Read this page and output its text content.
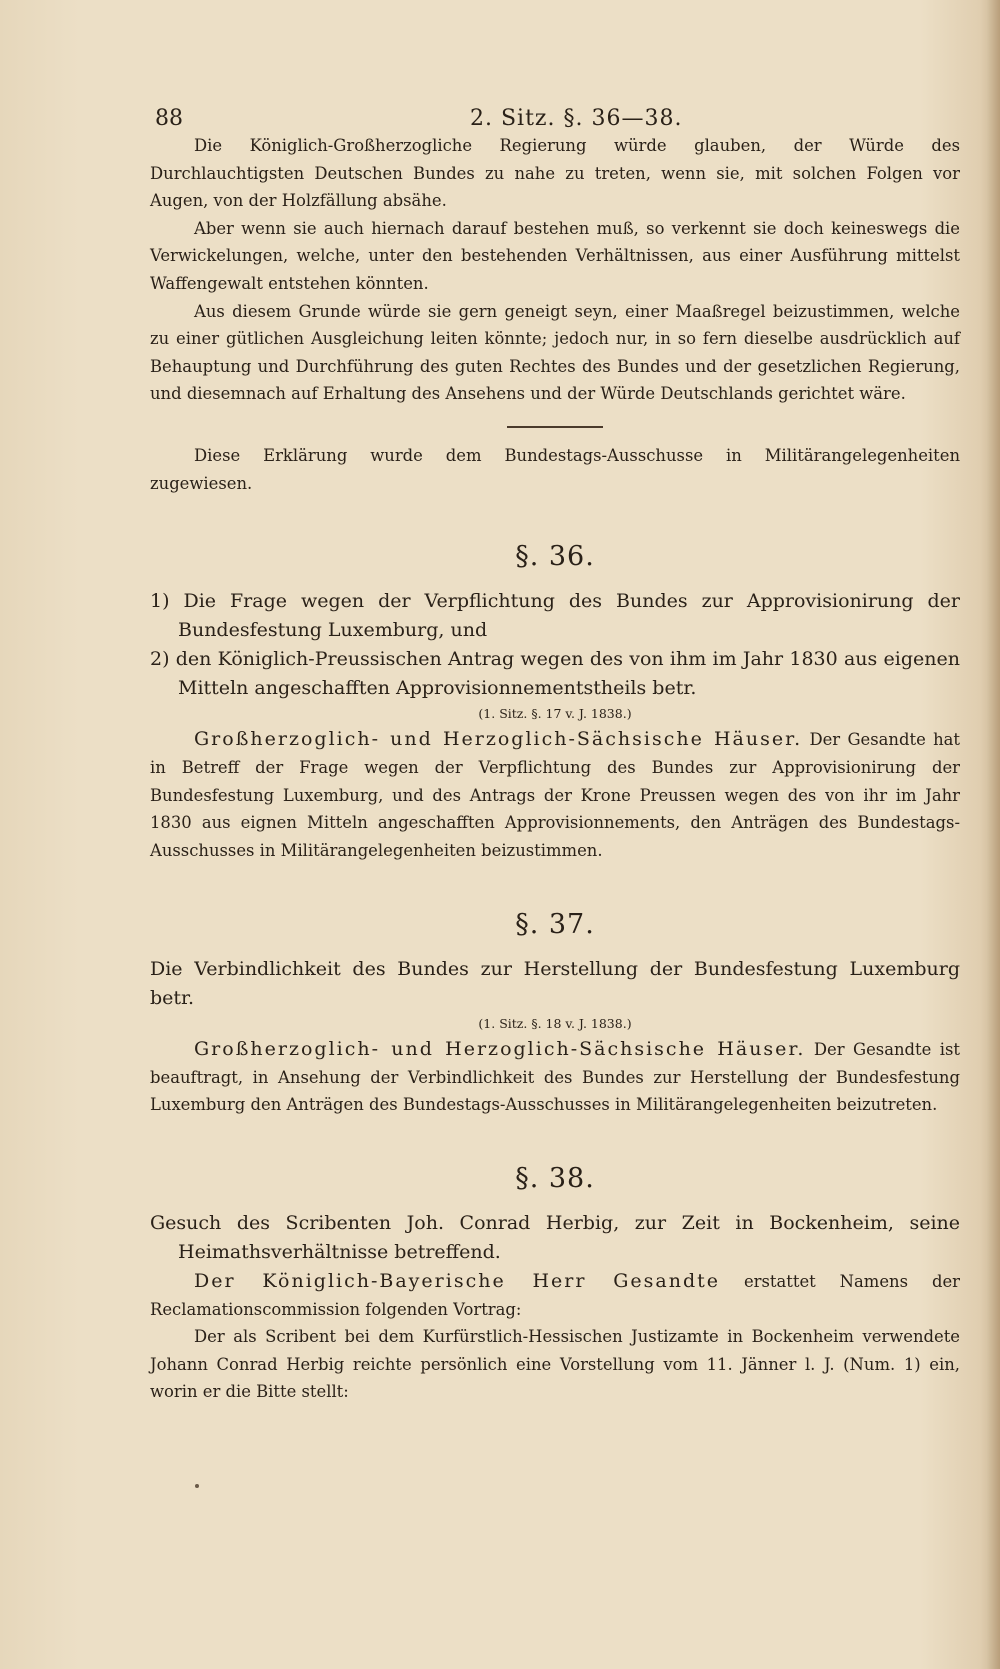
88	2. Sitz. §. 36—38.

Die Königlich-Großherzogliche Regierung würde glauben, der Würde des Durchlauchtigsten Deutschen Bundes zu nahe zu treten, wenn sie, mit solchen Folgen vor Augen, von der Holzfällung absähe.

Aber wenn sie auch hiernach darauf bestehen muß, so verkennt sie doch keineswegs die Verwickelungen, welche, unter den bestehenden Verhältnissen, aus einer Ausführung mittelst Waffengewalt entstehen könnten.

Aus diesem Grunde würde sie gern geneigt seyn, einer Maaßregel beizustimmen, welche zu einer gütlichen Ausgleichung leiten könnte; jedoch nur, in so fern dieselbe ausdrücklich auf Behauptung und Durchführung des guten Rechtes des Bundes und der gesetzlichen Regierung, und diesemnach auf Erhaltung des Ansehens und der Würde Deutschlands gerichtet wäre.

Diese Erklärung wurde dem Bundestags-Ausschusse in Militärangelegenheiten zugewiesen.

§. 36.

1) Die Frage wegen der Verpflichtung des Bundes zur Approvisionirung der Bundesfestung Luxemburg, und

2) den Königlich-Preussischen Antrag wegen des von ihm im Jahr 1830 aus eigenen Mitteln angeschafften Approvisionnementstheils betr.

(1. Sitz. §. 17 v. J. 1838.)

Großherzoglich- und Herzoglich-Sächsische Häuser. Der Gesandte hat in Betreff der Frage wegen der Verpflichtung des Bundes zur Approvisionirung der Bundesfestung Luxemburg, und des Antrags der Krone Preussen wegen des von ihr im Jahr 1830 aus eignen Mitteln angeschafften Approvisionnements, den Anträgen des Bundestags-Ausschusses in Militärangelegenheiten beizustimmen.

§. 37.

Die Verbindlichkeit des Bundes zur Herstellung der Bundesfestung Luxemburg betr.

(1. Sitz. §. 18 v. J. 1838.)

Großherzoglich- und Herzoglich-Sächsische Häuser. Der Gesandte ist beauftragt, in Ansehung der Verbindlichkeit des Bundes zur Herstellung der Bundesfestung Luxemburg den Anträgen des Bundestags-Ausschusses in Militärangelegenheiten beizutreten.

§. 38.

Gesuch des Scribenten Joh. Conrad Herbig, zur Zeit in Bockenheim, seine Heimathsverhältnisse betreffend.

Der Königlich-Bayerische Herr Gesandte erstattet Namens der Reclamationscommission folgenden Vortrag:

Der als Scribent bei dem Kurfürstlich-Hessischen Justizamte in Bockenheim verwendete Johann Conrad Herbig reichte persönlich eine Vorstellung vom 11. Jänner l. J. (Num. 1) ein, worin er die Bitte stellt:
